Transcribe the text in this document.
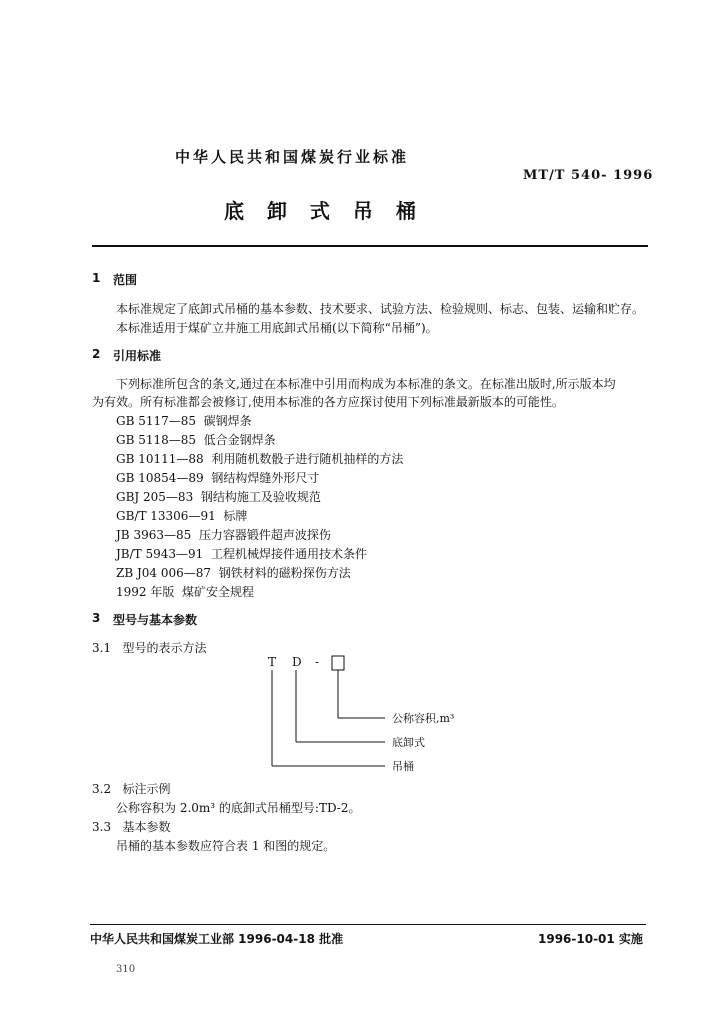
中华人民共和国煤炭行业标准
MT/T 540- 1996
底 卸 式 吊 桶
1 范围
本标准规定了底卸式吊桶的基本参数、技术要求、试验方法、检验规则、标志、包装、运输和贮存。
本标准适用于煤矿立井施工用底卸式吊桶(以下简称“吊桶”)。
2 引用标准
下列标准所包含的条文,通过在本标准中引用而构成为本标准的条文。在标准出版时,所示版本均
为有效。所有标准都会被修订,使用本标准的各方应探讨使用下列标准最新版本的可能性。
GB 5117—85 碳钢焊条
GB 5118—85 低合金钢焊条
GB 10111—88 利用随机数骰子进行随机抽样的方法
GB 10854—89 钢结构焊缝外形尺寸
GBJ 205—83 钢结构施工及验收规范
GB/T 13306—91 标牌
JB 3963—85 压力容器锻件超声波探伤
JB/T 5943—91 工程机械焊接件通用技术条件
ZB J04 006—87 钢铁材料的磁粉探伤方法
1992 年版 煤矿安全规程
3 型号与基本参数
3.1 型号的表示方法
T D -
公称容积,m³
底卸式
吊桶
3.2 标注示例
公称容积为 2.0m³ 的底卸式吊桶型号:TD-2。
3.3 基本参数
吊桶的基本参数应符合表 1 和图的规定。
中华人民共和国煤炭工业部 1996-04-18 批准	1996-10-01 实施
310
